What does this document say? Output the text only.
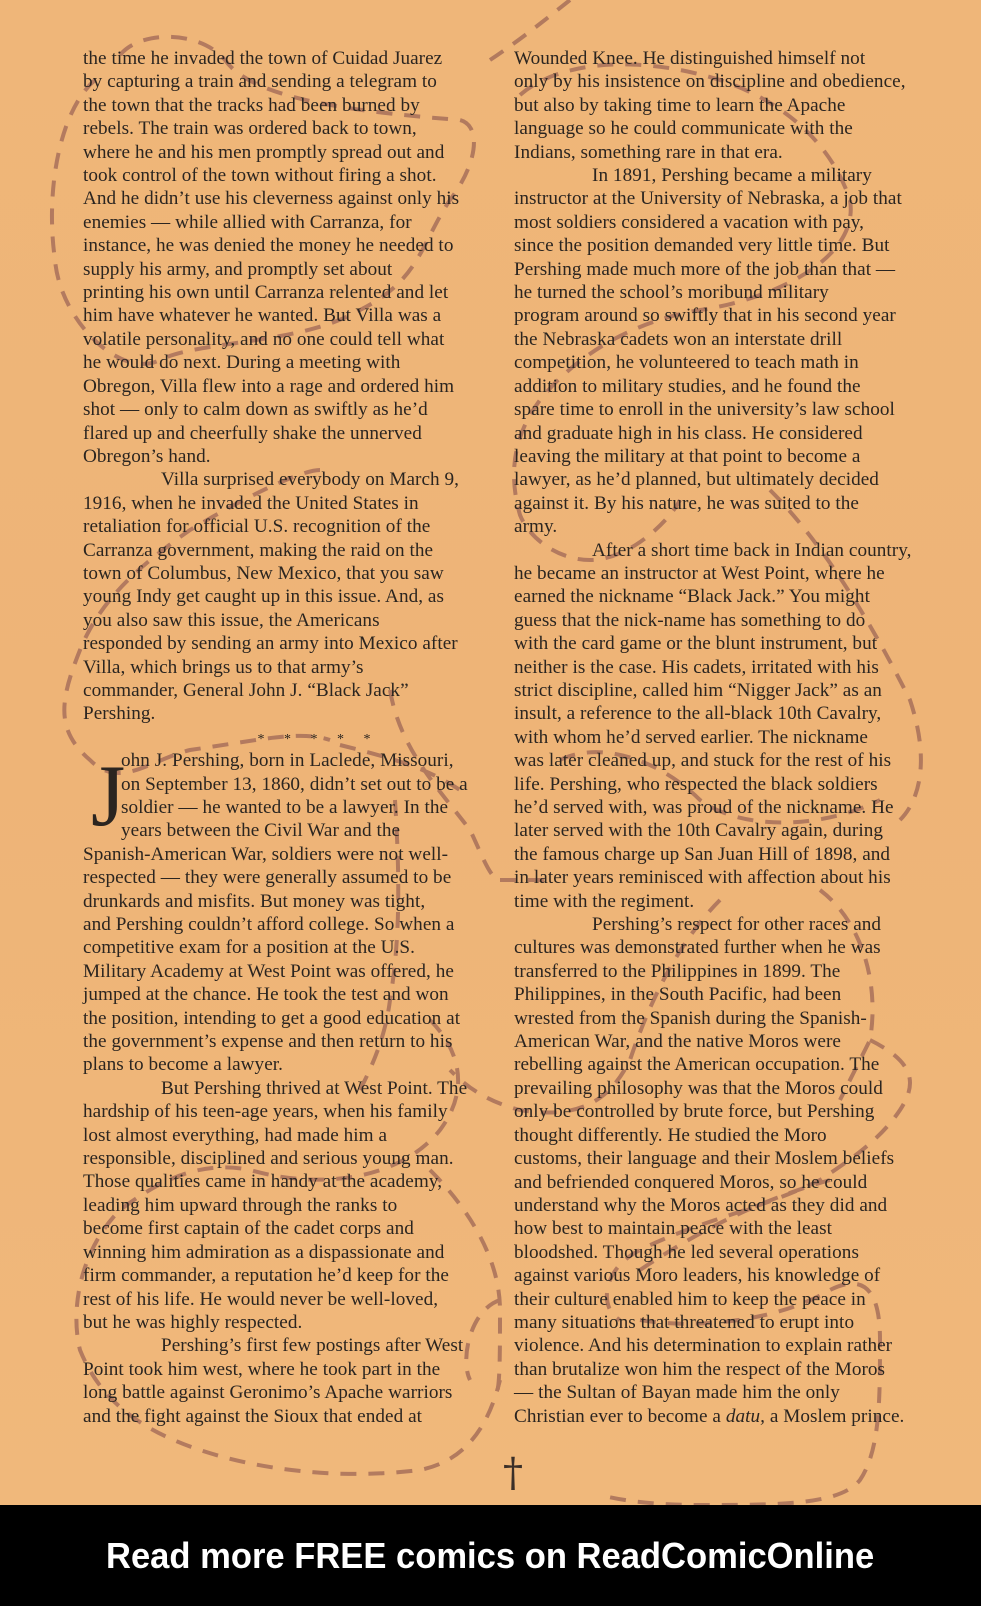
the time he invaded the town of Cuidad Juarez
by capturing a train and sending a telegram to
the town that the tracks had been burned by
rebels. The train was ordered back to town,
where he and his men promptly spread out and
took control of the town without firing a shot.
And he didn’t use his cleverness against only his
enemies — while allied with Carranza, for
instance, he was denied the money he needed to
supply his army, and promptly set about
printing his own until Carranza relented and let
him have whatever he wanted. But Villa was a
volatile personality, and no one could tell what
he would do next. During a meeting with
Obregon, Villa flew into a rage and ordered him
shot — only to calm down as swiftly as he’d
flared up and cheerfully shake the unnerved
Obregon’s hand.

Villa surprised everybody on March 9,
1916, when he invaded the United States in
retaliation for official U.S. recognition of the
Carranza government, making the raid on the
town of Columbus, New Mexico, that you saw
young Indy get caught up in this issue. And, as
you also saw this issue, the Americans
responded by sending an army into Mexico after
Villa, which brings us to that army’s
commander, General John J. “Black Jack”
Pershing.

* * * * *
J
ohn J. Pershing, born in Laclede, Missouri,
on September 13, 1860, didn’t set out to be a
soldier — he wanted to be a lawyer. In the
years between the Civil War and the
Spanish-American War, soldiers were not well-
respected — they were generally assumed to be
drunkards and misfits. But money was tight,
and Pershing couldn’t afford college. So when a
competitive exam for a position at the U.S.
Military Academy at West Point was offered, he
jumped at the chance. He took the test and won
the position, intending to get a good education at
the government’s expense and then return to his
plans to become a lawyer.

But Pershing thrived at West Point. The
hardship of his teen-age years, when his family
lost almost everything, had made him a
responsible, disciplined and serious young man.
Those qualities came in handy at the academy,
leading him upward through the ranks to
become first captain of the cadet corps and
winning him admiration as a dispassionate and
firm commander, a reputation he’d keep for the
rest of his life. He would never be well-loved,
but he was highly respected.

Pershing’s first few postings after West
Point took him west, where he took part in the
long battle against Geronimo’s Apache warriors
and the fight against the Sioux that ended at

Wounded Knee. He distinguished himself not
only by his insistence on discipline and obedience,
but also by taking time to learn the Apache
language so he could communicate with the
Indians, something rare in that era.

In 1891, Pershing became a military
instructor at the University of Nebraska, a job that
most soldiers considered a vacation with pay,
since the position demanded very little time. But
Pershing made much more of the job than that —
he turned the school’s moribund military
program around so swiftly that in his second year
the Nebraska cadets won an interstate drill
competition, he volunteered to teach math in
addition to military studies, and he found the
spare time to enroll in the university’s law school
and graduate high in his class. He considered
leaving the military at that point to become a
lawyer, as he’d planned, but ultimately decided
against it. By his nature, he was suited to the
army.

After a short time back in Indian country,
he became an instructor at West Point, where he
earned the nickname “Black Jack.” You might
guess that the nick-name has something to do
with the card game or the blunt instrument, but
neither is the case. His cadets, irritated with his
strict discipline, called him “Nigger Jack” as an
insult, a reference to the all-black 10th Cavalry,
with whom he’d served earlier. The nickname
was later cleaned up, and stuck for the rest of his
life. Pershing, who respected the black soldiers
he’d served with, was proud of the nickname. He
later served with the 10th Cavalry again, during
the famous charge up San Juan Hill of 1898, and
in later years reminisced with affection about his
time with the regiment.

Pershing’s respect for other races and
cultures was demonstrated further when he was
transferred to the Philippines in 1899. The
Philippines, in the South Pacific, had been
wrested from the Spanish during the Spanish-
American War, and the native Moros were
rebelling against the American occupation. The
prevailing philosophy was that the Moros could
only be controlled by brute force, but Pershing
thought differently. He studied the Moro
customs, their language and their Moslem beliefs
and befriended conquered Moros, so he could
understand why the Moros acted as they did and
how best to maintain peace with the least
bloodshed. Though he led several operations
against various Moro leaders, his knowledge of
their culture enabled him to keep the peace in
many situations that threatened to erupt into
violence. And his determination to explain rather
than brutalize won him the respect of the Moros
— the Sultan of Bayan made him the only
Christian ever to become a datu, a Moslem prince.

†
Read more FREE comics on ReadComicOnline
